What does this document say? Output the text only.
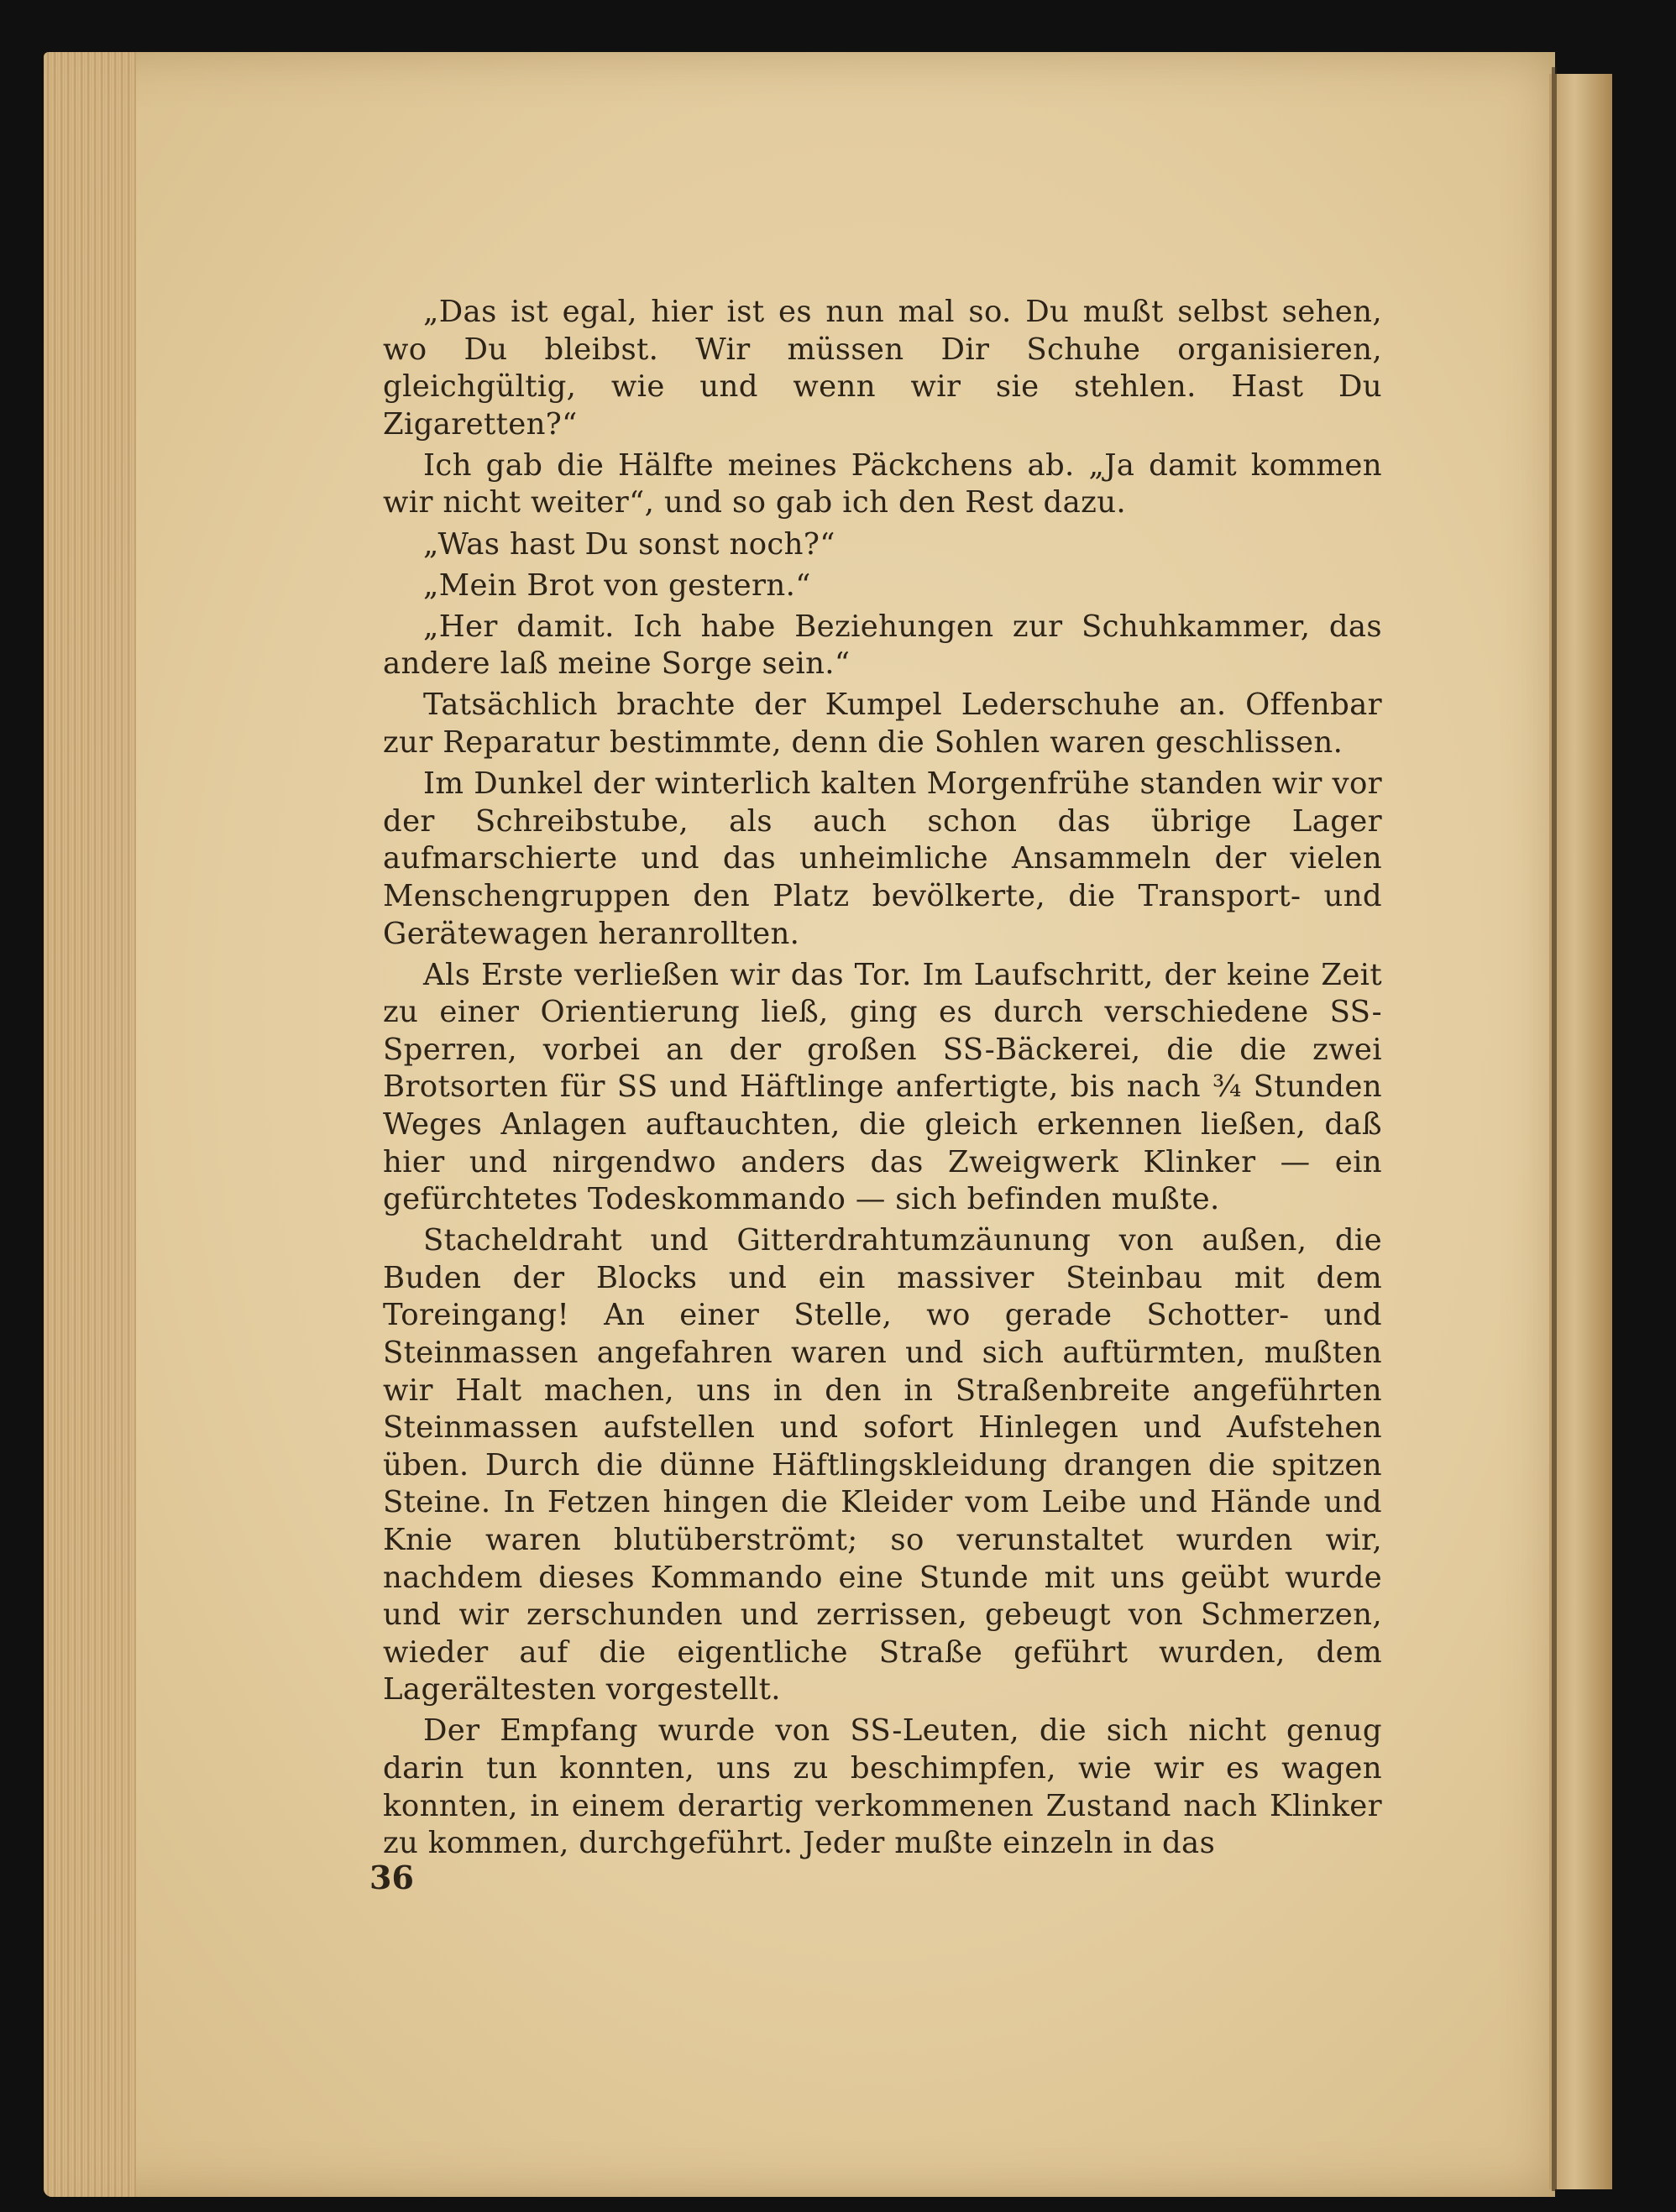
„Das ist egal, hier ist es nun mal so. Du mußt selbst sehen, wo Du bleibst. Wir müssen Dir Schuhe organisieren, gleichgültig, wie und wenn wir sie stehlen. Hast Du Zigaretten?“

Ich gab die Hälfte meines Päckchens ab. „Ja damit kommen wir nicht weiter“, und so gab ich den Rest dazu.

„Was hast Du sonst noch?“

„Mein Brot von gestern.“

„Her damit. Ich habe Beziehungen zur Schuhkammer, das andere laß meine Sorge sein.“

Tatsächlich brachte der Kumpel Lederschuhe an. Offenbar zur Reparatur bestimmte, denn die Sohlen waren geschlissen.

Im Dunkel der winterlich kalten Morgenfrühe standen wir vor der Schreibstube, als auch schon das übrige Lager aufmarschierte und das unheimliche Ansammeln der vielen Menschengruppen den Platz bevölkerte, die Transport- und Gerätewagen heranrollten.

Als Erste verließen wir das Tor. Im Laufschritt, der keine Zeit zu einer Orientierung ließ, ging es durch verschiedene SS-Sperren, vorbei an der großen SS-Bäckerei, die die zwei Brotsorten für SS und Häftlinge anfertigte, bis nach ¾ Stunden Weges Anlagen auftauchten, die gleich erkennen ließen, daß hier und nirgendwo anders das Zweigwerk Klinker — ein gefürchtetes Todeskommando — sich befinden mußte.

Stacheldraht und Gitterdrahtumzäunung von außen, die Buden der Blocks und ein massiver Steinbau mit dem Toreingang! An einer Stelle, wo gerade Schotter- und Steinmassen angefahren waren und sich auftürmten, mußten wir Halt machen, uns in den in Straßenbreite angeführten Steinmassen aufstellen und sofort Hinlegen und Aufstehen üben. Durch die dünne Häftlingskleidung drangen die spitzen Steine. In Fetzen hingen die Kleider vom Leibe und Hände und Knie waren blutüberströmt; so verunstaltet wurden wir, nachdem dieses Kommando eine Stunde mit uns geübt wurde und wir zerschunden und zerrissen, gebeugt von Schmerzen, wieder auf die eigentliche Straße geführt wurden, dem Lagerältesten vorgestellt.

Der Empfang wurde von SS-Leuten, die sich nicht genug darin tun konnten, uns zu beschimpfen, wie wir es wagen konnten, in einem derartig verkommenen Zustand nach Klinker zu kommen, durchgeführt. Jeder mußte einzeln in das

36
